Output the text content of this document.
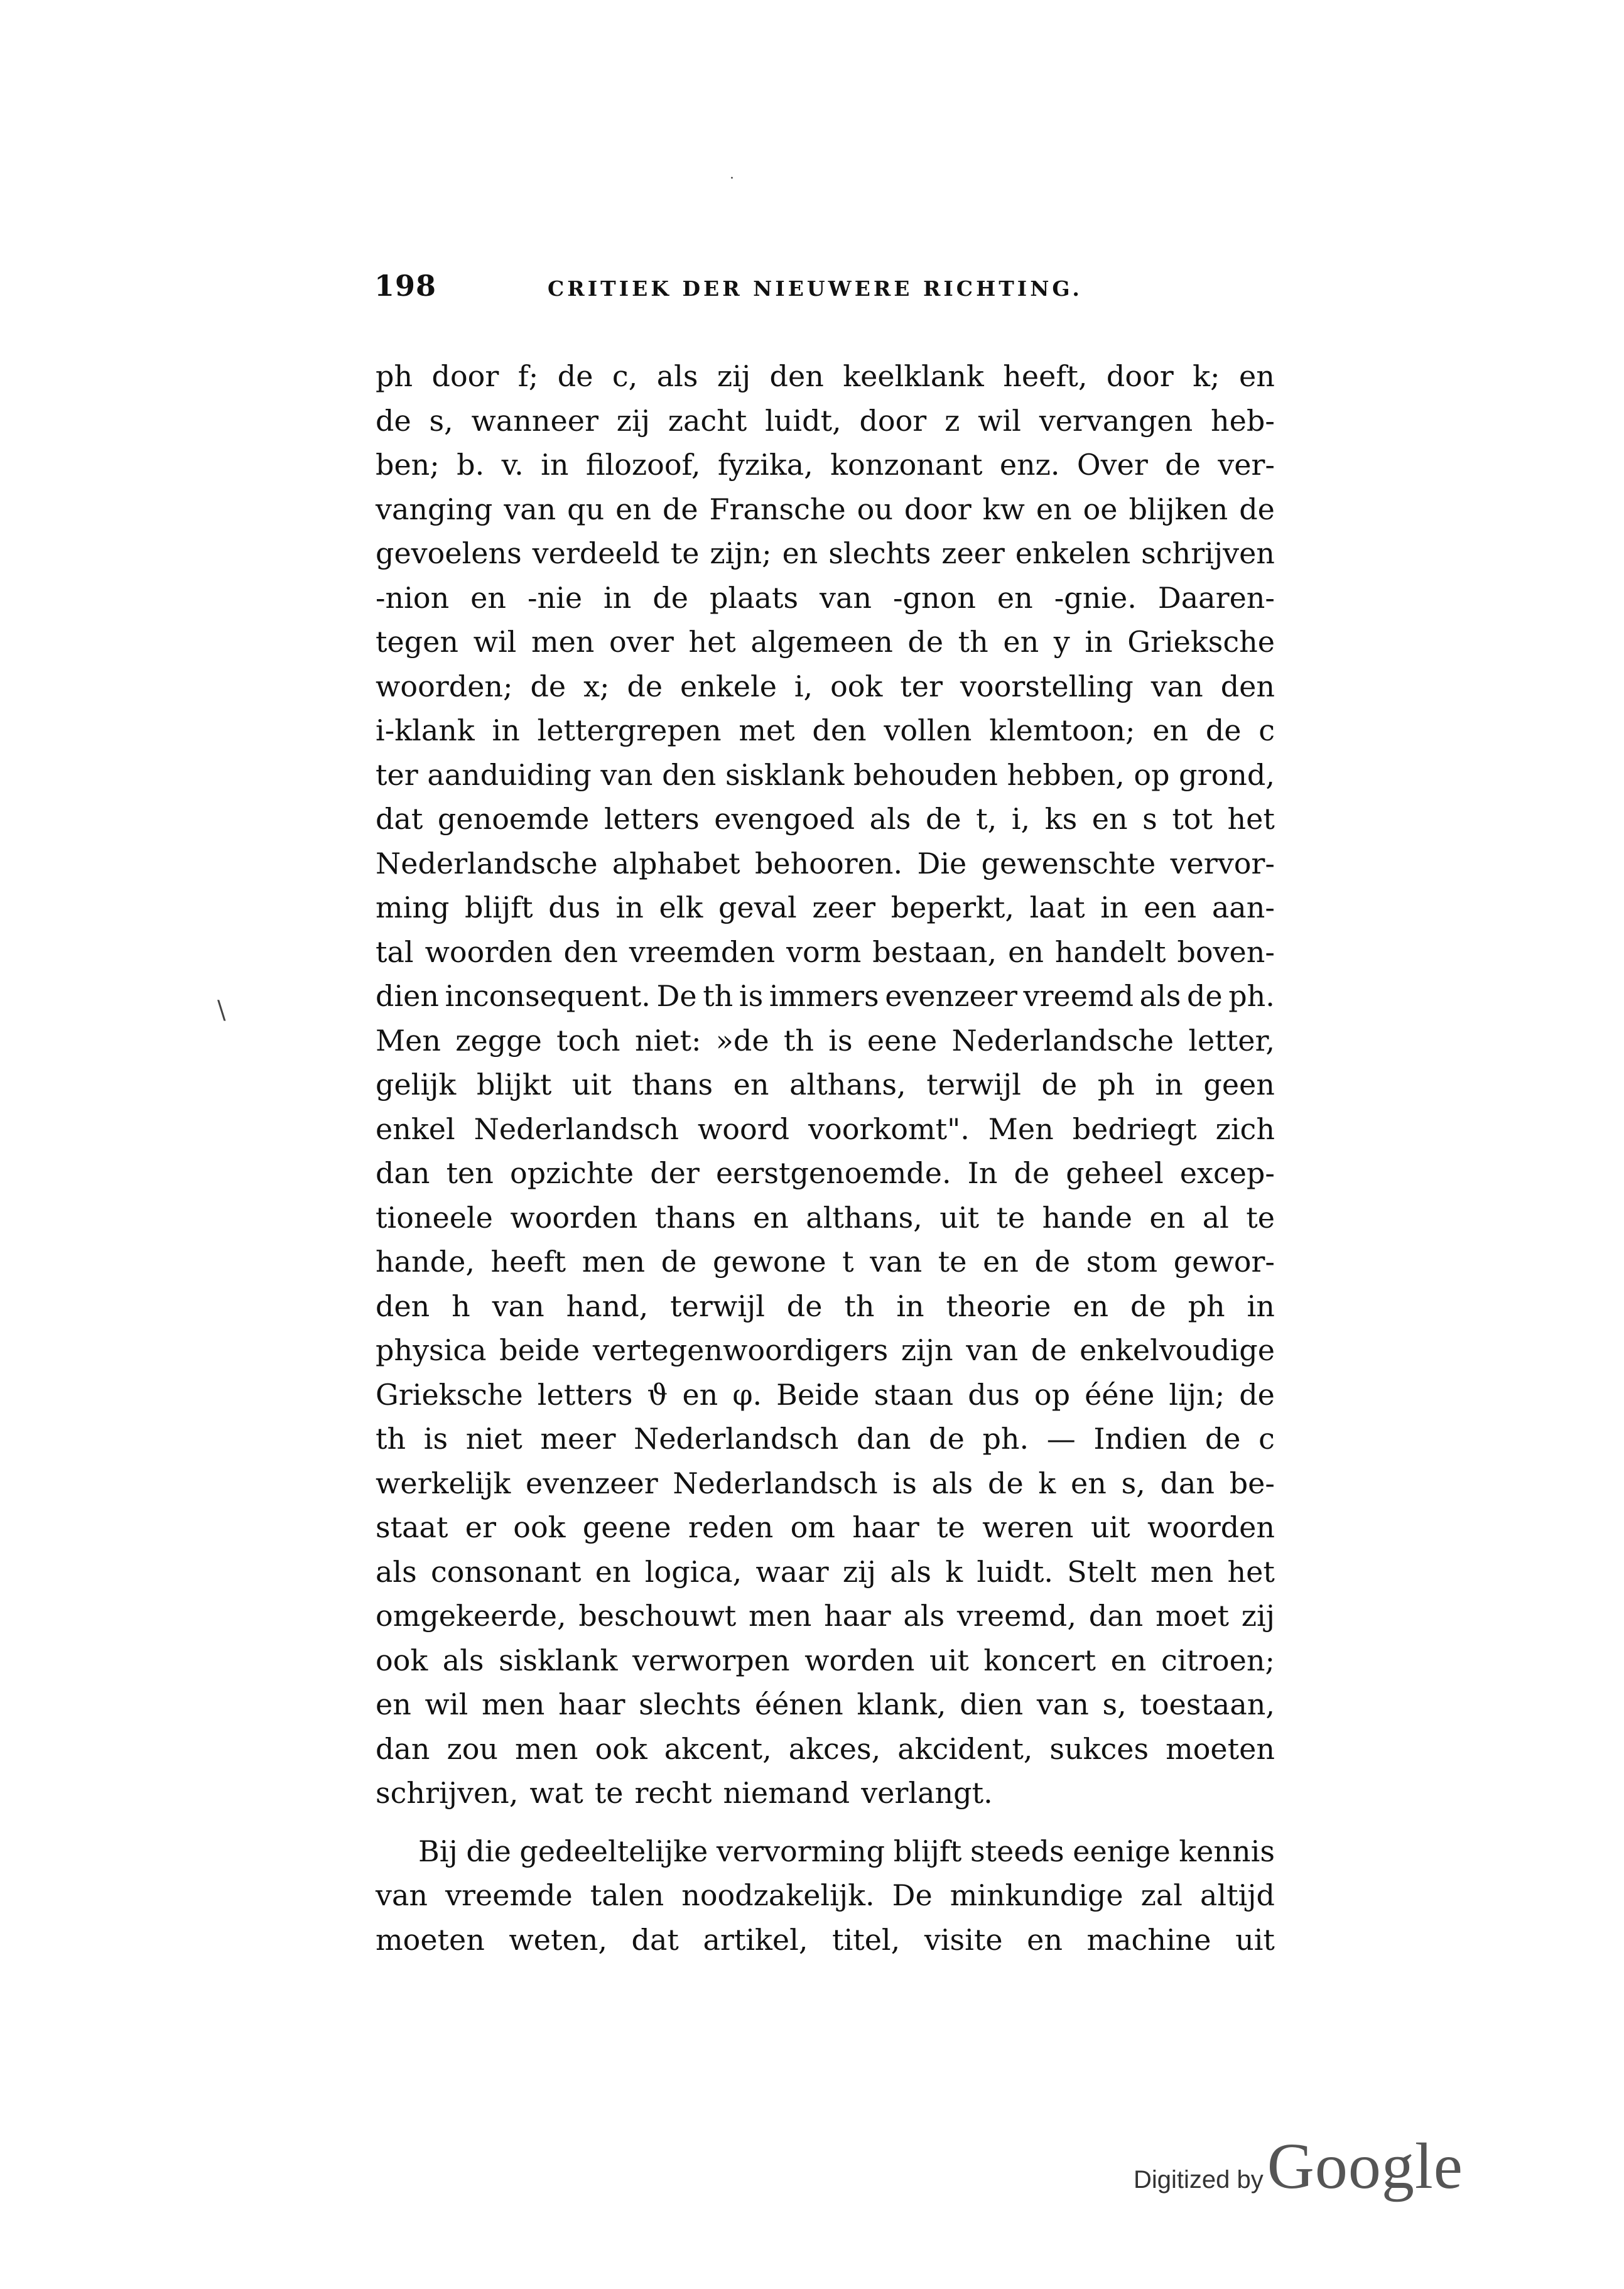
198	CRITIEK DER NIEUWERE RICHTING.
·
\
ph door f; de c, als zij den keelklank heeft, door k; en
de s, wanneer zij zacht luidt, door z wil vervangen heb-
ben; b. v. in filozoof, fyzika, konzonant enz. Over de ver-
vanging van qu en de Fransche ou door kw en oe blijken de
gevoelens verdeeld te zijn; en slechts zeer enkelen schrijven
-nion en -nie in de plaats van -gnon en -gnie. Daaren-
tegen wil men over het algemeen de th en y in Grieksche
woorden; de x; de enkele i, ook ter voorstelling van den
i-klank in lettergrepen met den vollen klemtoon; en de c
ter aanduiding van den sisklank behouden hebben, op grond,
dat genoemde letters evengoed als de t, i, ks en s tot het
Nederlandsche alphabet behooren. Die gewenschte vervor-
ming blijft dus in elk geval zeer beperkt, laat in een aan-
tal woorden den vreemden vorm bestaan, en handelt boven-
dien inconsequent. De th is immers evenzeer vreemd als de ph.
Men zegge toch niet: »de th is eene Nederlandsche letter,
gelijk blijkt uit thans en althans, terwijl de ph in geen
enkel Nederlandsch woord voorkomt". Men bedriegt zich
dan ten opzichte der eerstgenoemde. In de geheel excep-
tioneele woorden thans en althans, uit te hande en al te
hande, heeft men de gewone t van te en de stom gewor-
den h van hand, terwijl de th in theorie en de ph in
physica beide vertegenwoordigers zijn van de enkelvoudige
Grieksche letters ϑ en φ. Beide staan dus op ééne lijn; de
th is niet meer Nederlandsch dan de ph. — Indien de c
werkelijk evenzeer Nederlandsch is als de k en s, dan be-
staat er ook geene reden om haar te weren uit woorden
als consonant en logica, waar zij als k luidt. Stelt men het
omgekeerde, beschouwt men haar als vreemd, dan moet zij
ook als sisklank verworpen worden uit koncert en citroen;
en wil men haar slechts éénen klank, dien van s, toestaan,
dan zou men ook akcent, akces, akcident, sukces moeten
schrijven, wat te recht niemand verlangt.
Bij die gedeeltelijke vervorming blijft steeds eenige kennis
van vreemde talen noodzakelijk. De minkundige zal altijd
moeten weten, dat artikel, titel, visite en machine uit
Digitized by Google
